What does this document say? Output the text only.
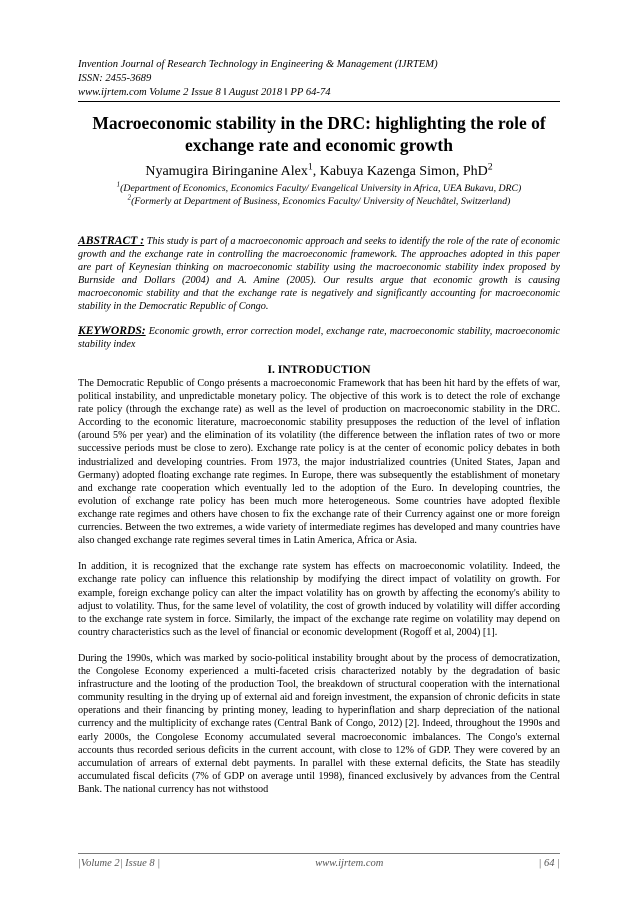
Invention Journal of Research Technology in Engineering & Management (IJRTEM)
ISSN: 2455-3689
www.ijrtem.com Volume 2 Issue 8 ǁ August 2018 ǁ PP 64-74
Macroeconomic stability in the DRC: highlighting the role of exchange rate and economic growth
Nyamugira Biringanine Alex$^1$, Kabuya Kazenga Simon, PhD$^2$
$^1$(Department of Economics, Economics Faculty/ Evangelical University in Africa, UEA Bukavu, DRC)
$^2$(Formerly at Department of Business, Economics Faculty/ University of Neuchâtel, Switzerland)
ABSTRACT : This study is part of a macroeconomic approach and seeks to identify the role of the rate of economic growth and the exchange rate in controlling the macroeconomic framework. The approaches adopted in this paper are part of Keynesian thinking on macroeconomic stability using the macroeconomic stability index proposed by Burnside and Dollars (2004) and A. Amine (2005). Our results argue that economic growth is causing macroeconomic stability and that the exchange rate is negatively and significantly accounting for macroeconomic stability in the Democratic Republic of Congo.
KEYWORDS: Economic growth, error correction model, exchange rate, macroeconomic stability, macroeconomic stability index
I. INTRODUCTION

The Democratic Republic of Congo présents a macroeconomic Framework that has been hit hard by the effets of war, political instability, and unpredictable monetary policy. The objective of this work is to detect the role of exchange rate policy (through the exchange rate) as well as the level of production on macroeconomic stability in the DRC. According to the economic literature, macroeconomic stability presupposes the reduction of the level of inflation (around 5% per year) and the elimination of its volatility (the difference between the inflation rates of two or more successive periods must be close to zero). Exchange rate policy is at the center of economic policy debates in both industrialized and developing countries. From 1973, the major industrialized countries (United States, Japan and Germany) adopted floating exchange rate regimes. In Europe, there was subsequently the establishment of monetary and exchange rate cooperation which eventually led to the adoption of the Euro. In developing countries, the evolution of exchange rate policy has been much more heterogeneous. Some countries have adopted flexible exchange rate regimes and others have chosen to fix the exchange rate of their Currency against one or more foreign currencies. Between the two extremes, a wide variety of intermediate regimes has developed and many countries have also changed exchange rate regimes several times in Latin America, Africa or Asia.

In addition, it is recognized that the exchange rate system has effects on macroeconomic volatility. Indeed, the exchange rate policy can influence this relationship by modifying the direct impact of volatility on growth. For example, foreign exchange policy can alter the impact volatility has on growth by affecting the economy's ability to adjust to volatility. Thus, for the same level of volatility, the cost of growth induced by volatility will differ according to the exchange rate system in force. Similarly, the impact of the exchange rate regime on volatility may depend on country characteristics such as the level of financial or economic development (Rogoff et al, 2004) [1].

During the 1990s, which was marked by socio-political instability brought about by the process of democratization, the Congolese Economy experienced a multi-faceted crisis characterized notably by the degradation of basic infrastructure and the looting of the production Tool, the breakdown of structural cooperation with the international community resulting in the drying up of external aid and foreign investment, the expansion of chronic deficits in state operations and their financing by printing money, leading to hyperinflation and sharp depreciation of the national currency and the multiplicity of exchange rates (Central Bank of Congo, 2012) [2]. Indeed, throughout the 1990s and early 2000s, the Congolese Economy accumulated several macroeconomic imbalances. The Congo's external accounts thus recorded serious deficits in the current account, with close to 12% of GDP. They were covered by an accumulation of arrears of external debt payments. In parallel with these external deficits, the State has steadily accumulated fiscal deficits (7% of GDP on average until 1998), financed exclusively by advances from the Central Bank. The national currency has not withstood

|Volume 2| Issue 8 |	www.ijrtem.com	| 64 |
